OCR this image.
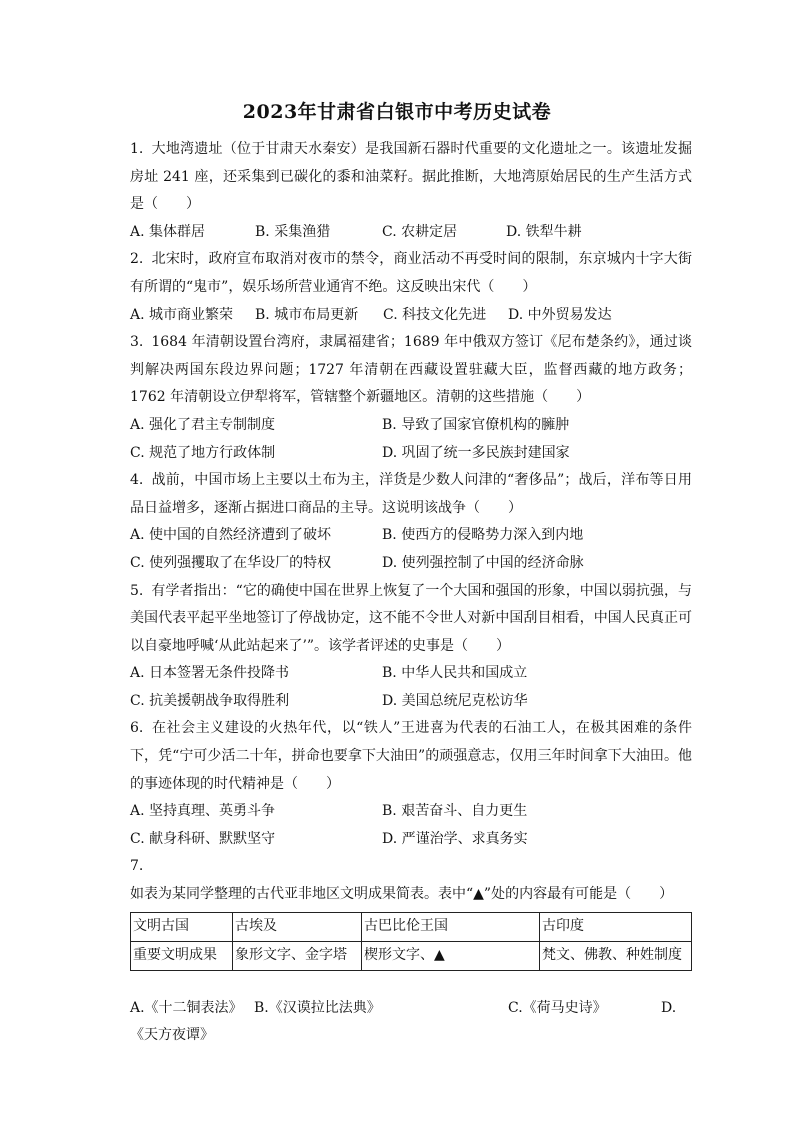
2023年甘肃省白银市中考历史试卷

1. 大地湾遗址（位于甘肃天水秦安）是我国新石器时代重要的文化遗址之一。该遗址发掘房址 241 座，还采集到已碳化的黍和油菜籽。据此推断，大地湾原始居民的生产生活方式是（　　）

A. 集体群居	B. 采集渔猎	C. 农耕定居	D. 铁犁牛耕

2. 北宋时，政府宣布取消对夜市的禁令，商业活动不再受时间的限制，东京城内十字大街有所谓的“鬼市”，娱乐场所营业通宵不绝。这反映出宋代（　　）

A. 城市商业繁荣	B. 城市布局更新	C. 科技文化先进	D. 中外贸易发达

3. 1684 年清朝设置台湾府，隶属福建省；1689 年中俄双方签订《尼布楚条约》，通过谈判解决两国东段边界问题；1727 年清朝在西藏设置驻藏大臣，监督西藏的地方政务；1762 年清朝设立伊犁将军，管辖整个新疆地区。清朝的这些措施（　　）

A. 强化了君主专制制度	B. 导致了国家官僚机构的臃肿
C. 规范了地方行政体制	D. 巩固了统一多民族封建国家

4. 战前，中国市场上主要以土布为主，洋货是少数人问津的“奢侈品”；战后，洋布等日用品日益增多，逐渐占据进口商品的主导。这说明该战争（　　）

A. 使中国的自然经济遭到了破坏	B. 使西方的侵略势力深入到内地
C. 使列强攫取了在华设厂的特权	D. 使列强控制了中国的经济命脉

5. 有学者指出：“它的确使中国在世界上恢复了一个大国和强国的形象，中国以弱抗强，与美国代表平起平坐地签订了停战协定，这不能不令世人对新中国刮目相看，中国人民真正可以自豪地呼喊‘从此站起来了’”。该学者评述的史事是（　　）

A. 日本签署无条件投降书	B. 中华人民共和国成立
C. 抗美援朝战争取得胜利	D. 美国总统尼克松访华

6. 在社会主义建设的火热年代，以“铁人”王进喜为代表的石油工人，在极其困难的条件下，凭“宁可少活二十年，拼命也要拿下大油田”的顽强意志，仅用三年时间拿下大油田。他的事迹体现的时代精神是（　　）

A. 坚持真理、英勇斗争	B. 艰苦奋斗、自力更生
C. 献身科研、默默坚守	D. 严谨治学、求真务实

7.如表为某同学整理的古代亚非地区文明成果简表。表中“▲”处的内容最有可能是（　　）

文明古国	古埃及	古巴比伦王国	古印度
重要文明成果	象形文字、金字塔	楔形文字、▲	梵文、佛教、种姓制度
A.《十二铜表法》 B.《汉谟拉比法典》	C.《荷马史诗》	D.
《天方夜谭》
